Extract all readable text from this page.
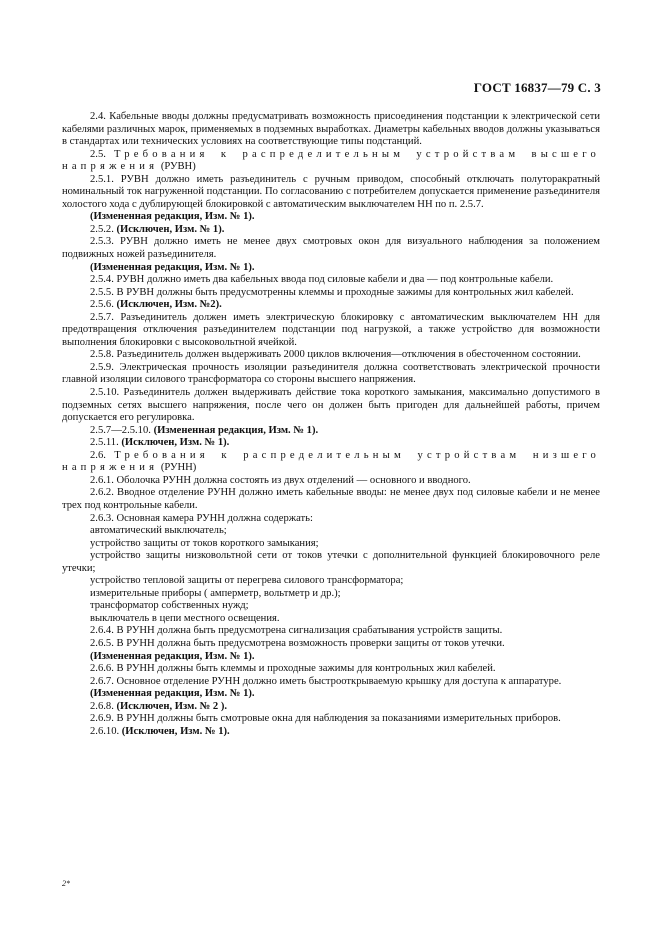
ГОСТ 16837—79 С. 3

2.4. Кабельные вводы должны предусматривать возможность присоединения подстанции к электрической сети кабелями различных марок, применяемых в подземных выработках. Диаметры кабельных вводов должны указываться в стандартах или технических условиях на соответствующие типы подстанций.

2.5. Требования к распределительным устройствам высшего напряжения (РУВН)

2.5.1. РУВН должно иметь разъединитель с ручным приводом, способный отключать полуторакратный номинальный ток нагруженной подстанции. По согласованию с потребителем допускается применение разъединителя холостого хода с дублирующей блокировкой с автоматическим выключателем НН по п. 2.5.7.

(Измененная редакция, Изм. № 1).

2.5.2. (Исключен, Изм. № 1).

2.5.3. РУВН должно иметь не менее двух смотровых окон для визуального наблюдения за положением подвижных ножей разъединителя.

(Измененная редакция, Изм. № 1).

2.5.4. РУВН должно иметь два кабельных ввода под силовые кабели и два — под контрольные кабели.

2.5.5. В РУВН должны быть предусмотренны клеммы и проходные зажимы для контрольных жил кабелей.

2.5.6. (Исключен, Изм. №2).

2.5.7. Разъединитель должен иметь электрическую блокировку с автоматическим выключателем НН для предотвращения отключения разъединителем подстанции под нагрузкой, а также устройство для возможности выполнения блокировки с высоковольтной ячейкой.

2.5.8. Разъединитель должен выдерживать 2000 циклов включения—отключения в обесточенном состоянии.

2.5.9. Электрическая прочность изоляции разъединителя должна соответствовать электрической прочности главной изоляции силового трансформатора со стороны высшего напряжения.

2.5.10. Разъединитель должен выдерживать действие тока короткого замыкания, максимально допустимого в подземных сетях высшего напряжения, после чего он должен быть пригоден для дальнейшей работы, причем допускается его регулировка.

2.5.7—2.5.10. (Измененная редакция, Изм. № 1).

2.5.11. (Исключен, Изм. № 1).

2.6. Требования к распределительным устройствам низшего напряжения (РУНН)

2.6.1. Оболочка РУНН должна состоять из двух отделений — основного и вводного.

2.6.2. Вводное отделение РУНН должно иметь кабельные вводы: не менее двух под силовые кабели и не менее трех под контрольные кабели.

2.6.3. Основная камера РУНН должна содержать:

автоматический выключатель;

устройство защиты от токов короткого замыкания;

устройство защиты низковольтной сети от токов утечки с дополнительной функцией блокировочного реле утечки;

устройство тепловой защиты от перегрева силового трансформатора;

измерительные приборы ( амперметр, вольтметр и др.);

трансформатор собственных нужд;

выключатель в цепи местного освещения.

2.6.4. В РУНН должна быть предусмотрена сигнализация срабатывания устройств защиты.

2.6.5. В РУНН должна быть предусмотрена возможность проверки защиты от токов утечки.

(Измененная редакция, Изм. № 1).

2.6.6. В РУНН должны быть клеммы и проходные зажимы для контрольных жил кабелей.

2.6.7. Основное отделение РУНН должно иметь быстрооткрываемую крышку для доступа к аппаратуре.

(Измененная редакция, Изм. № 1).

2.6.8. (Исключен, Изм. № 2 ).

2.6.9. В РУНН должны быть смотровые окна для наблюдения за показаниями измерительных приборов.

2.6.10. (Исключен, Изм. № 1).

2*
